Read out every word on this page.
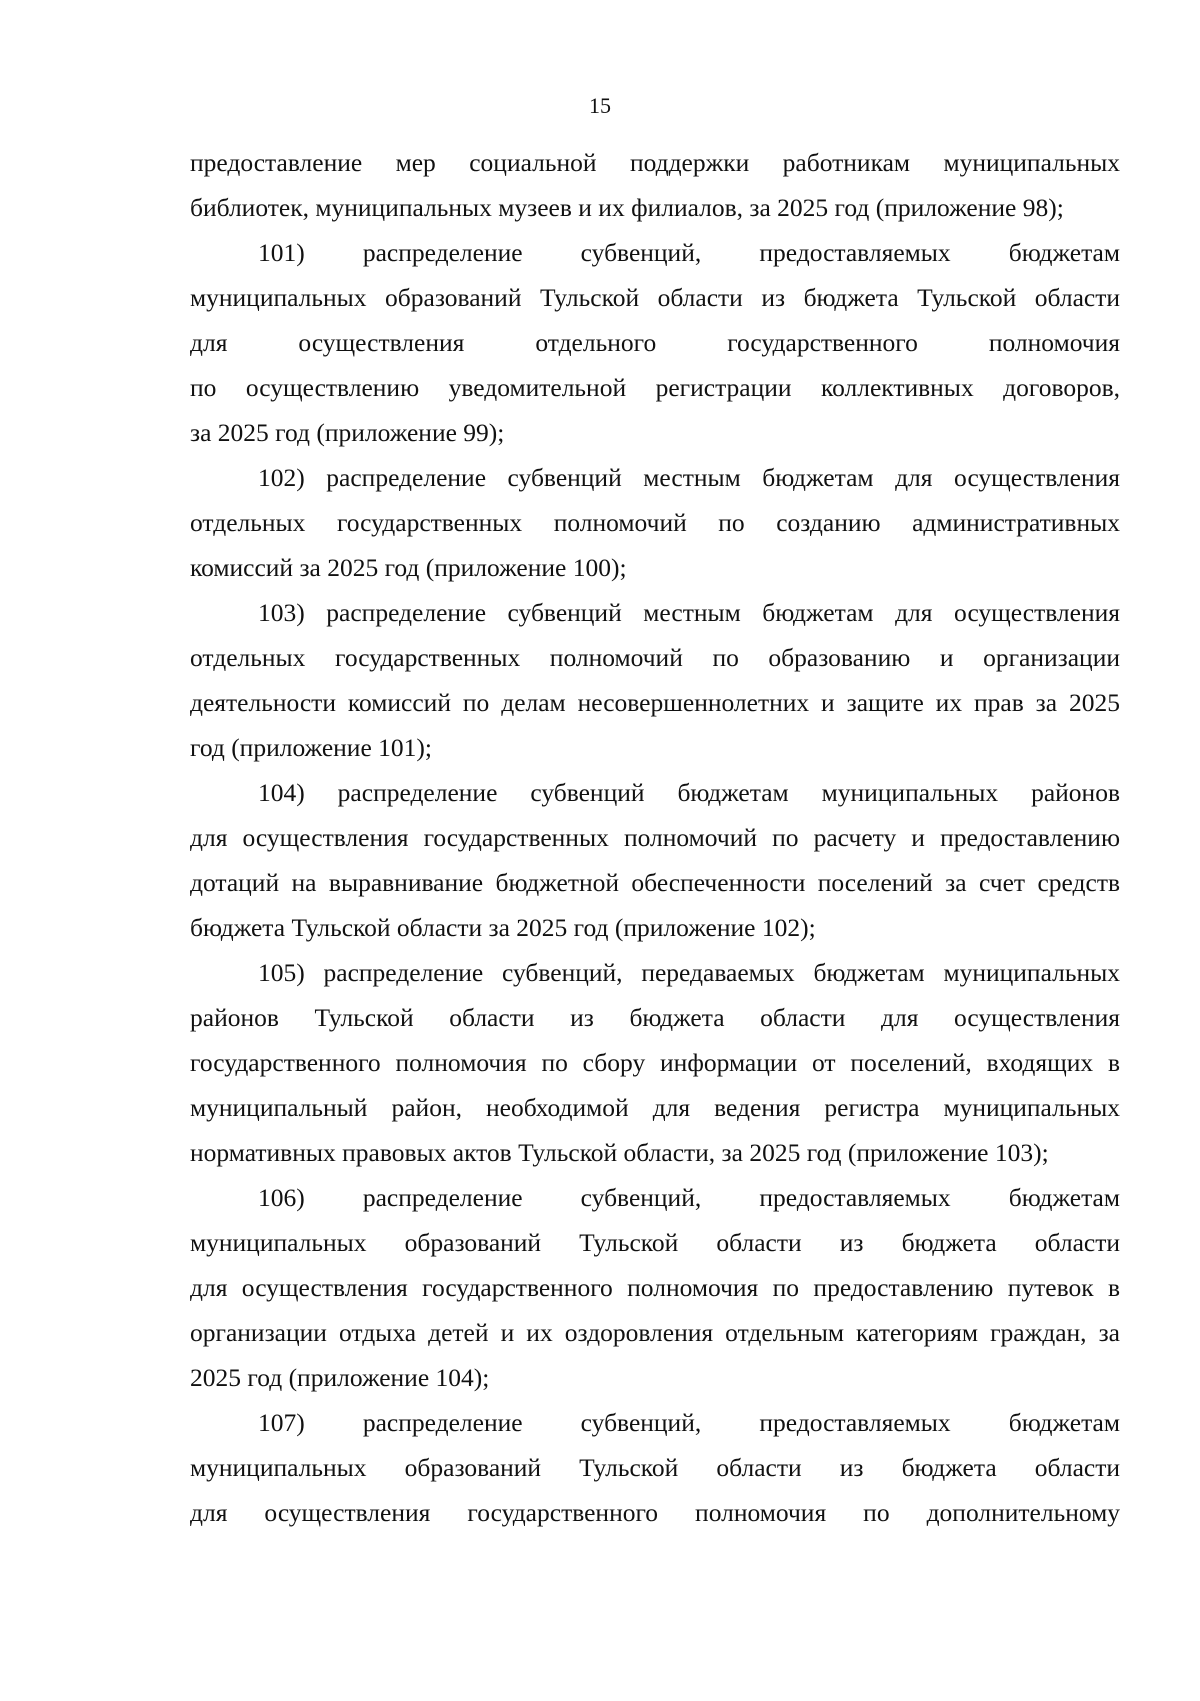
15
предоставление мер социальной поддержки работникам муниципальных
библиотек, муниципальных музеев и их филиалов, за 2025 год (приложение 98);
101) распределение субвенций, предоставляемых бюджетам
муниципальных образований Тульской области из бюджета Тульской области
для осуществления отдельного государственного полномочия
по осуществлению уведомительной регистрации коллективных договоров,
за 2025 год (приложение 99);
102) распределение субвенций местным бюджетам для осуществления
отдельных государственных полномочий по созданию административных
комиссий за 2025 год (приложение 100);
103) распределение субвенций местным бюджетам для осуществления
отдельных государственных полномочий по образованию и организации
деятельности комиссий по делам несовершеннолетних и защите их прав за 2025
год (приложение 101);
104) распределение субвенций бюджетам муниципальных районов
для осуществления государственных полномочий по расчету и предоставлению
дотаций на выравнивание бюджетной обеспеченности поселений за счет средств
бюджета Тульской области за 2025 год (приложение 102);
105) распределение субвенций, передаваемых бюджетам муниципальных
районов Тульской области из бюджета области для осуществления
государственного полномочия по сбору информации от поселений, входящих в
муниципальный район, необходимой для ведения регистра муниципальных
нормативных правовых актов Тульской области, за 2025 год (приложение 103);
106) распределение субвенций, предоставляемых бюджетам
муниципальных образований Тульской области из бюджета области
для осуществления государственного полномочия по предоставлению путевок в
организации отдыха детей и их оздоровления отдельным категориям граждан, за
2025 год (приложение 104);
107) распределение субвенций, предоставляемых бюджетам
муниципальных образований Тульской области из бюджета области
для осуществления государственного полномочия по дополнительному
